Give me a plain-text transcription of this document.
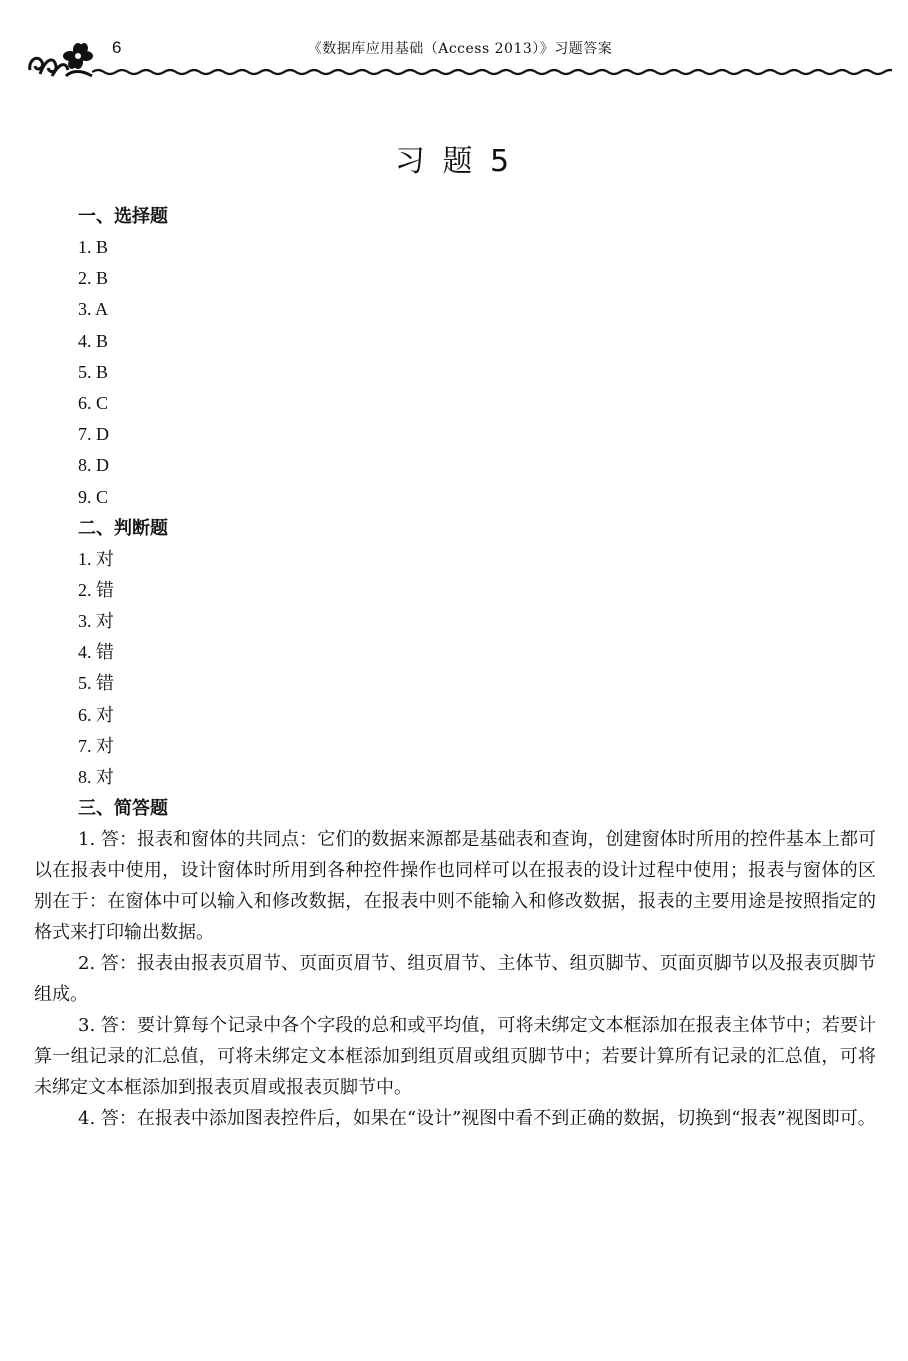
6	《数据库应用基础（Access 2013）》习题答案
习 题 5
一、选择题
1. B
2. B
3. A
4. B
5. B
6. C
7. D
8. D
9. C
二、判断题
1. 对
2. 错
3. 对
4. 错
5. 错
6. 对
7. 对
8. 对
三、简答题

1. 答：报表和窗体的共同点：它们的数据来源都是基础表和查询，创建窗体时所用的控件基本上都可以在报表中使用，设计窗体时所用到各种控件操作也同样可以在报表的设计过程中使用；报表与窗体的区别在于：在窗体中可以输入和修改数据，在报表中则不能输入和修改数据，报表的主要用途是按照指定的格式来打印输出数据。

2. 答：报表由报表页眉节、页面页眉节、组页眉节、主体节、组页脚节、页面页脚节以及报表页脚节组成。

3. 答：要计算每个记录中各个字段的总和或平均值，可将未绑定文本框添加在报表主体节中；若要计算一组记录的汇总值，可将未绑定文本框添加到组页眉或组页脚节中；若要计算所有记录的汇总值，可将未绑定文本框添加到报表页眉或报表页脚节中。

4. 答：在报表中添加图表控件后，如果在“设计”视图中看不到正确的数据，切换到“报表”视图即可。
